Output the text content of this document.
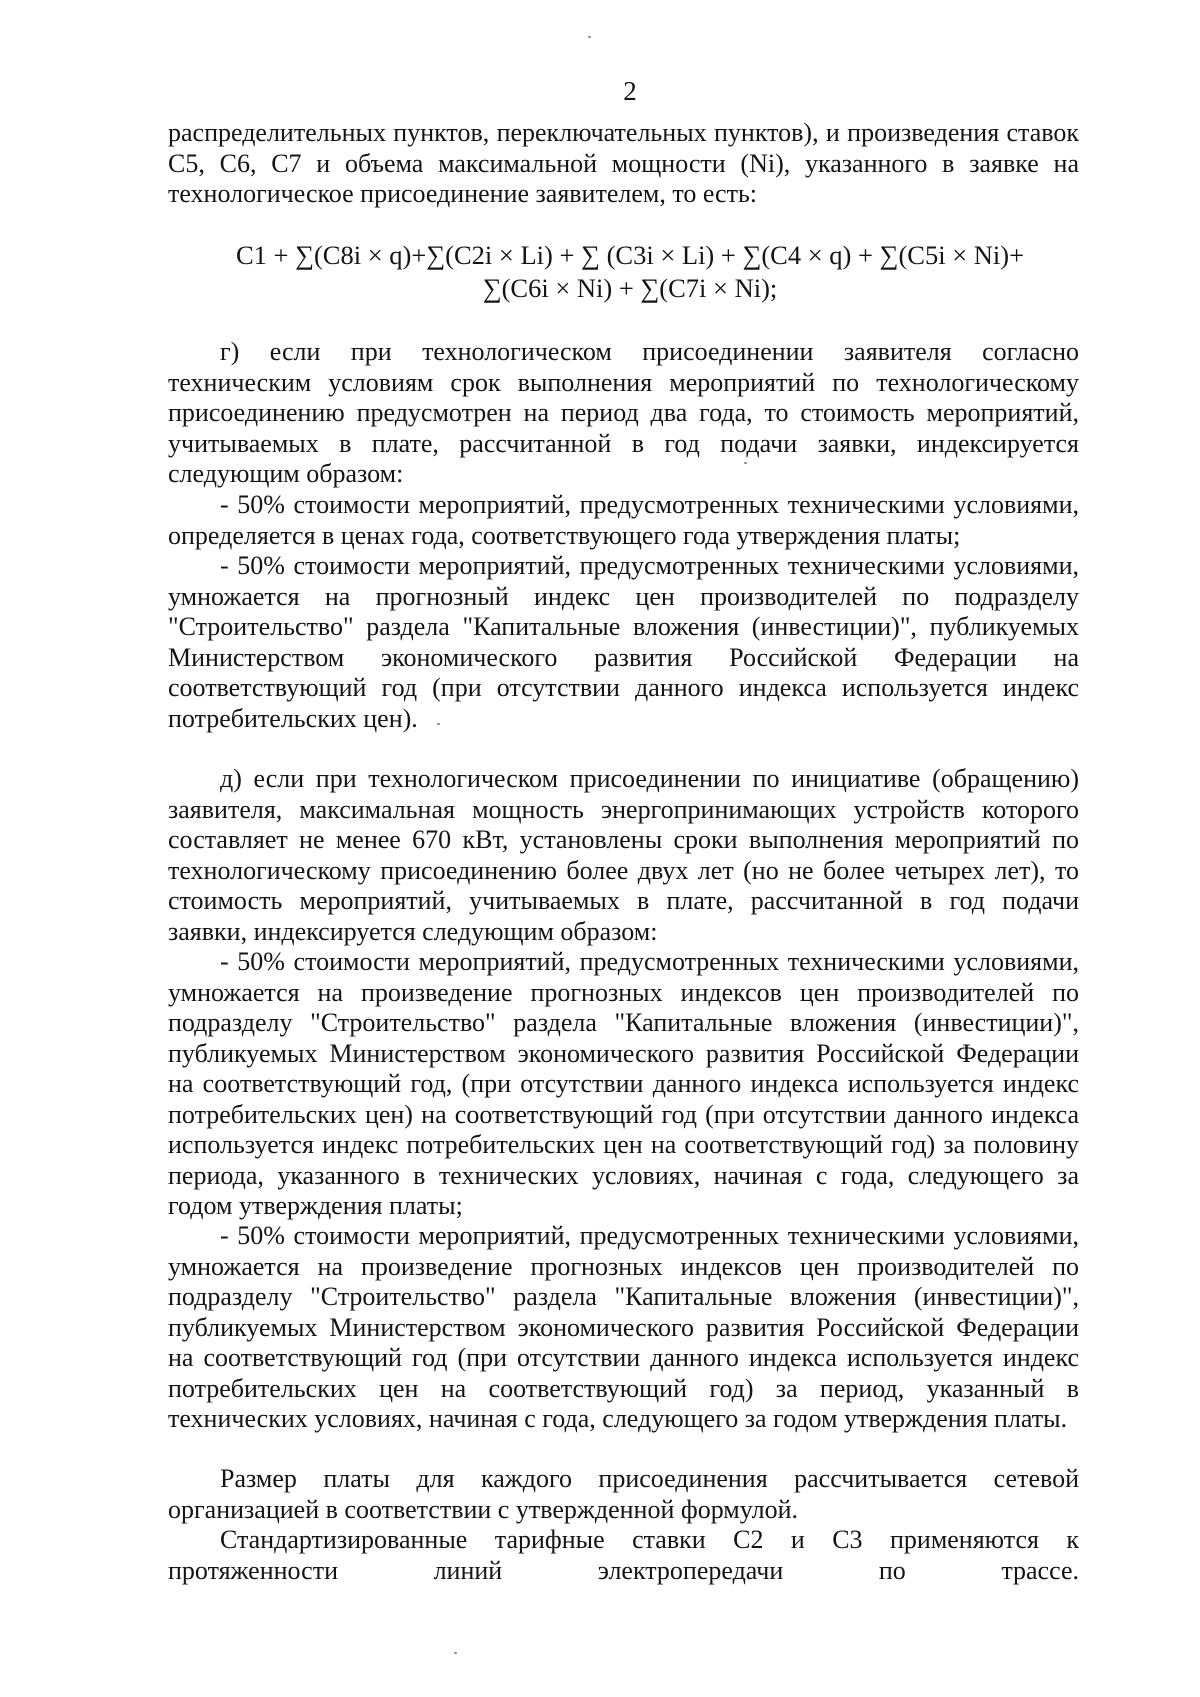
2

распределительных пунктов, переключательных пунктов), и произведения ставок С5, С6, С7 и объема максимальной мощности (Ni), указанного в заявке на технологическое присоединение заявителем, то есть:

С1 + ∑(С8i × q)+∑(С2i × Li) + ∑ (С3i × Li) + ∑(С4 × q) + ∑(С5i × Ni)+
∑(С6i × Ni) + ∑(С7i × Ni);

г) если при технологическом присоединении заявителя согласно техническим условиям срок выполнения мероприятий по технологическому присоединению предусмотрен на период два года, то стоимость мероприятий, учитываемых в плате, рассчитанной в год подачи заявки, индексируется следующим образом:

- 50% стоимости мероприятий, предусмотренных техническими условиями, определяется в ценах года, соответствующего года утверждения платы;

- 50% стоимости мероприятий, предусмотренных техническими условиями, умножается на прогнозный индекс цен производителей по подразделу "Строительство" раздела "Капитальные вложения (инвестиции)", публикуемых Министерством экономического развития Российской Федерации на соответствующий год (при отсутствии данного индекса используется индекс потребительских цен).

д) если при технологическом присоединении по инициативе (обращению) заявителя, максимальная мощность энергопринимающих устройств которого составляет не менее 670 кВт, установлены сроки выполнения мероприятий по технологическому присоединению более двух лет (но не более четырех лет), то стоимость мероприятий, учитываемых в плате, рассчитанной в год подачи заявки, индексируется следующим образом:

- 50% стоимости мероприятий, предусмотренных техническими условиями, умножается на произведение прогнозных индексов цен производителей по подразделу "Строительство" раздела "Капитальные вложения (инвестиции)", публикуемых Министерством экономического развития Российской Федерации на соответствующий год, (при отсутствии данного индекса используется индекс потребительских цен) на соответствующий год (при отсутствии данного индекса используется индекс потребительских цен на соответствующий год) за половину периода, указанного в технических условиях, начиная с года, следующего за годом утверждения платы;

- 50% стоимости мероприятий, предусмотренных техническими условиями, умножается на произведение прогнозных индексов цен производителей по подразделу "Строительство" раздела "Капитальные вложения (инвестиции)", публикуемых Министерством экономического развития Российской Федерации на соответствующий год (при отсутствии данного индекса используется индекс потребительских цен на соответствующий год) за период, указанный в технических условиях, начиная с года, следующего за годом утверждения платы.

Размер платы для каждого присоединения рассчитывается сетевой организацией в соответствии с утвержденной формулой.

Стандартизированные тарифные ставки С2 и С3 применяются к протяженности линий электропередачи по трассе.
